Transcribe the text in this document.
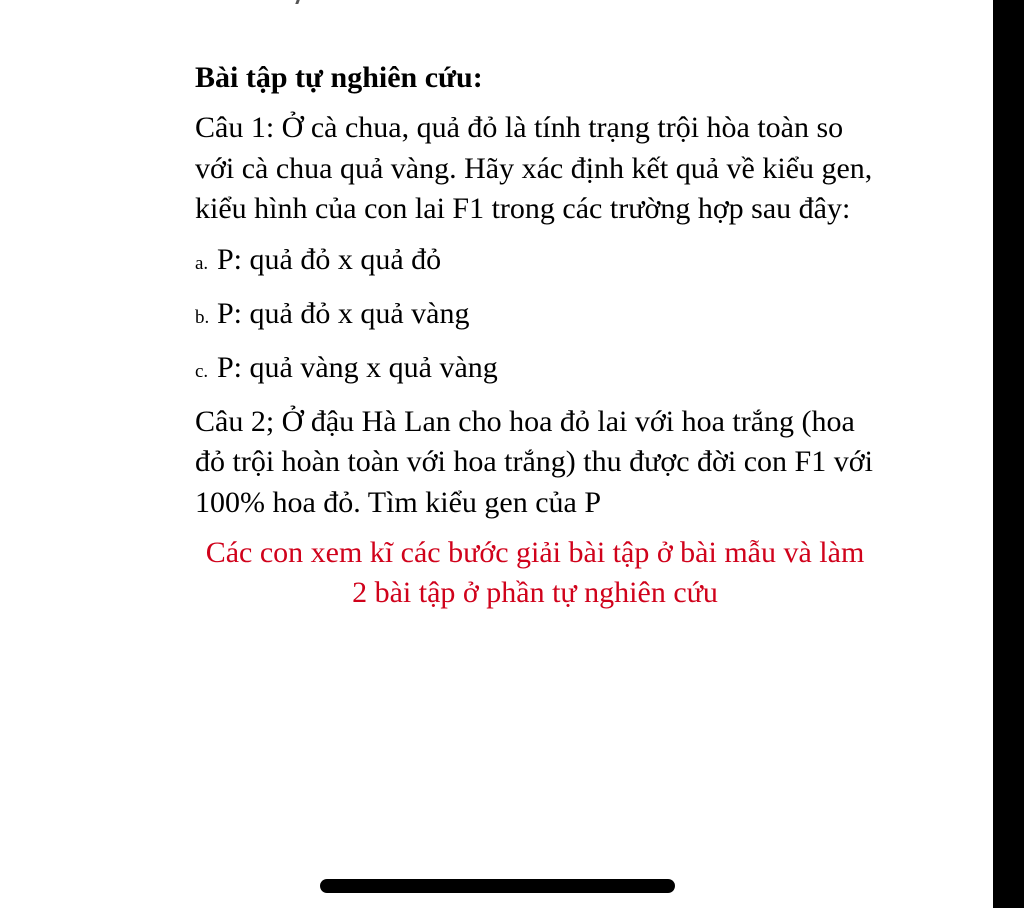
Bài tập tự nghiên cứu:
Câu 1: Ở cà chua, quả đỏ là tính trạng trội hòa toàn so với cà chua quả vàng. Hãy xác định kết quả về kiểu gen, kiểu hình của con lai F1 trong các trường hợp sau đây:
a. P: quả đỏ x quả đỏ
b. P: quả đỏ x quả vàng
c. P: quả vàng x quả vàng
Câu 2; Ở đậu Hà Lan cho hoa đỏ lai với hoa trắng (hoa đỏ trội hoàn toàn với hoa trắng) thu được đời con F1 với 100% hoa đỏ. Tìm kiểu gen của P
Các con xem kĩ các bước giải bài tập ở bài mẫu và làm 2 bài tập ở phần tự nghiên cứu
